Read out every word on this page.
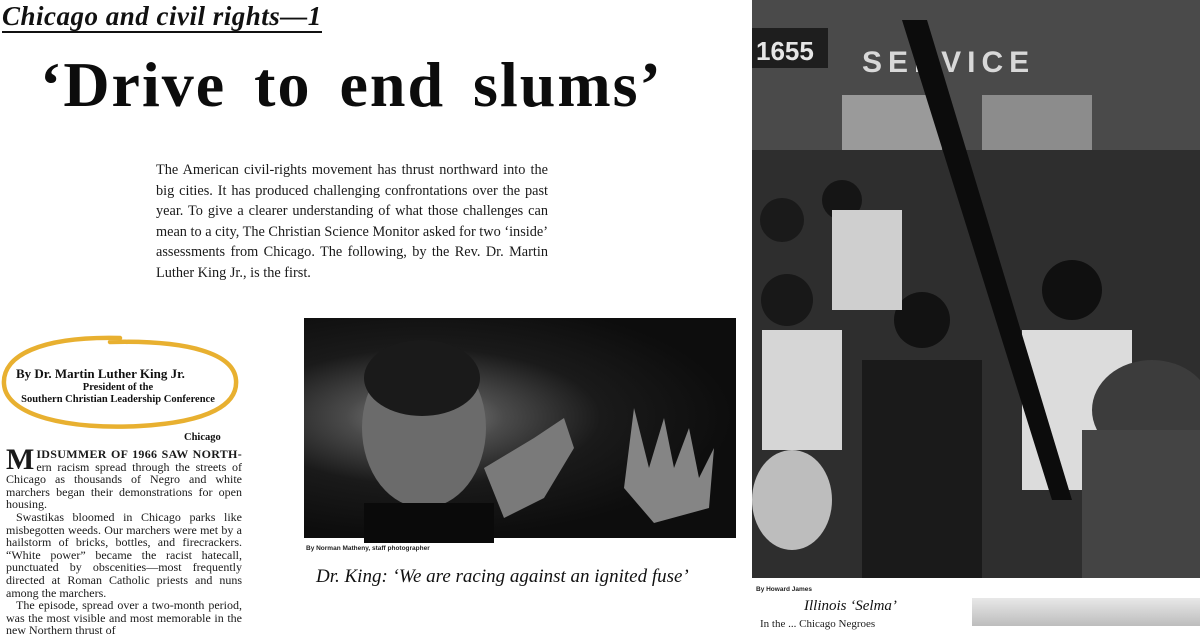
Chicago and civil rights—1
‘Drive to end slums’
The American civil-rights movement has thrust northward into the big cities. It has produced challenging confrontations over the past year. To give a clearer understanding of what those challenges can mean to a city, The Christian Science Monitor asked for two ‘inside’ assessments from Chicago. The following, by the Rev. Dr. Martin Luther King Jr., is the first.
By Dr. Martin Luther King Jr.
President of the
Southern Christian Leadership Conference
Chicago

MIDSUMMER OF 1966 SAW NORTH- ern racism spread through the streets of Chicago as thousands of Negro and white marchers began their demonstrations for open housing.

Swastikas bloomed in Chicago parks like misbegotten weeds. Our marchers were met by a hailstorm of bricks, bottles, and firecrackers. “White power” became the racist hatecall, punctuated by obscenities—most frequently directed at Roman Catholic priests and nuns among the marchers.

The episode, spread over a two-month period, was the most visible and most memorable in the new Northern thrust of

By Norman Matheny, staff photographer
Dr. King: ‘We are racing against an ignited fuse’
1655 SERVICE
By Howard James
Illinois ‘Selma’
In the ... Chicago Negroes
